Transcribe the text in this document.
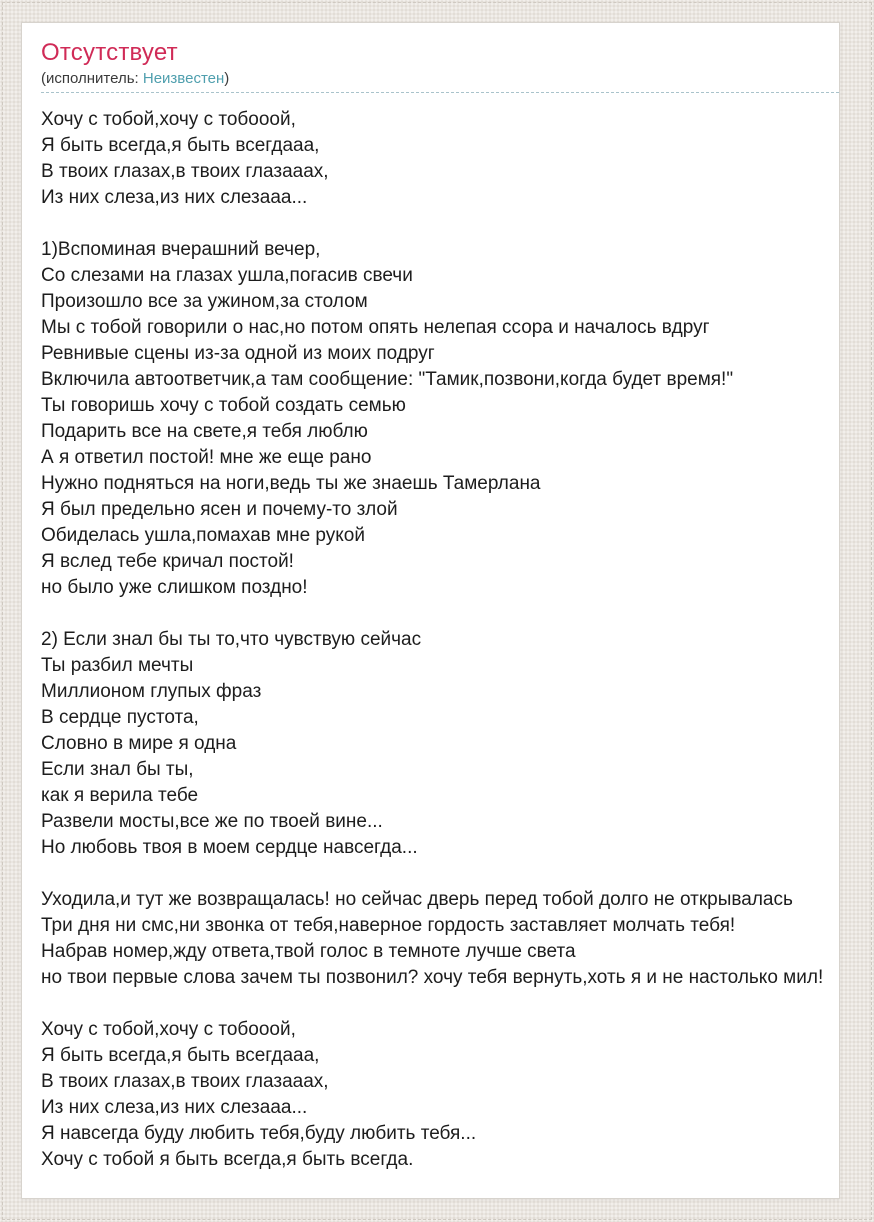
Отсутствует
(исполнитель: Неизвестен)
Хочу с тобой,хочу с тобооой,
Я быть всегда,я быть всегдааа,
В твоих глазах,в твоих глазааах,
Из них слеза,из них слезааа...
1)Вспоминая вчерашний вечер,
Со слезами на глазах ушла,погасив свечи
Произошло все за ужином,за столом
Мы с тобой говорили о нас,но потом опять нелепая ссора и началось вдруг
Ревнивые сцены из-за одной из моих подруг
Включила автоответчик,а там сообщение: "Тамик,позвони,когда будет время!"
Ты говоришь хочу с тобой создать семью
Подарить все на свете,я тебя люблю
А я ответил постой! мне же еще рано
Нужно подняться на ноги,ведь ты же знаешь Тамерлана
Я был предельно ясен и почему-то злой
Обиделась ушла,помахав мне рукой
Я вслед тебе кричал постой!
но было уже слишком поздно!
2) Если знал бы ты то,что чувствую сейчас
Ты разбил мечты
Миллионом глупых фраз
В сердце пустота,
Словно в мире я одна
Если знал бы ты,
как я верила тебе
Развели мосты,все же по твоей вине...
Но любовь твоя в моем сердце навсегда...
Уходила,и тут же возвращалась! но сейчас дверь перед тобой долго не открывалась
Три дня ни смс,ни звонка от тебя,наверное гордость заставляет молчать тебя!
Набрав номер,жду ответа,твой голос в темноте лучше света
но твои первые слова зачем ты позвонил? хочу тебя вернуть,хоть я и не настолько мил!
Хочу с тобой,хочу с тобооой,
Я быть всегда,я быть всегдааа,
В твоих глазах,в твоих глазааах,
Из них слеза,из них слезааа...
Я навсегда буду любить тебя,буду любить тебя...
Хочу с тобой я быть всегда,я быть всегда.
